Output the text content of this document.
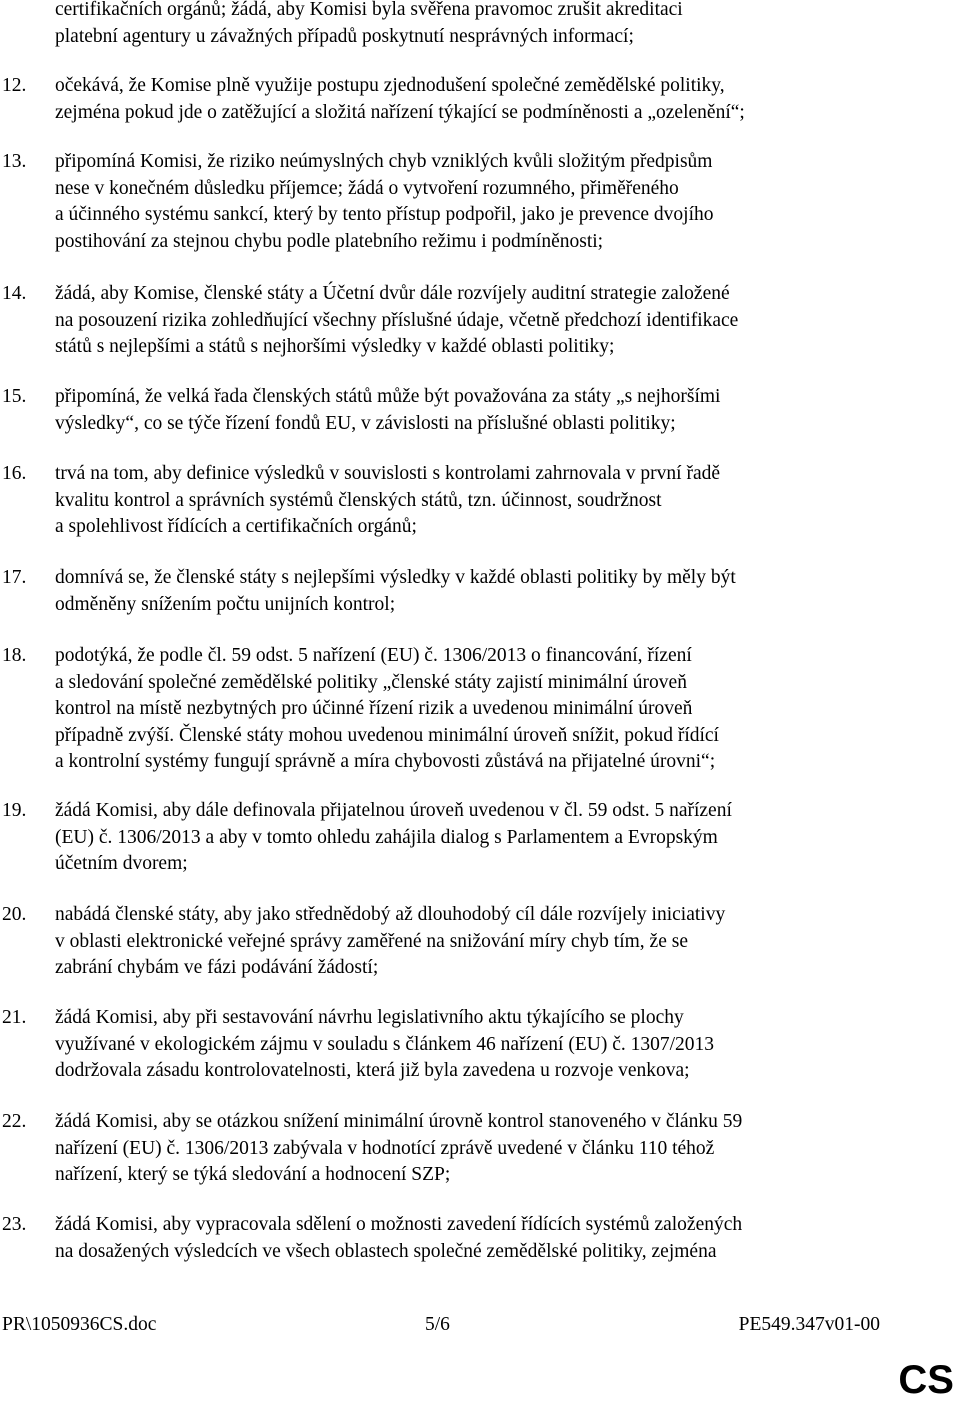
certifikačních orgánů; žádá, aby Komisi byla svěřena pravomoc zrušit akreditaci
platební agentury u závažných případů poskytnutí nesprávných informací;
12.	očekává, že Komise plně využije postupu zjednodušení společné zemědělské politiky,
zejména pokud jde o zatěžující a složitá nařízení týkající se podmíněnosti a „ozelenění“;
13.	připomíná Komisi, že riziko neúmyslných chyb vzniklých kvůli složitým předpisům
nese v konečném důsledku příjemce; žádá o vytvoření rozumného, přiměřeného
a účinného systému sankcí, který by tento přístup podpořil, jako je prevence dvojího
postihování za stejnou chybu podle platebního režimu i podmíněnosti;
14.	žádá, aby Komise, členské státy a Účetní dvůr dále rozvíjely auditní strategie založené
na posouzení rizika zohledňující všechny příslušné údaje, včetně předchozí identifikace
států s nejlepšími a států s nejhoršími výsledky v každé oblasti politiky;
15.	připomíná, že velká řada členských států může být považována za státy „s nejhoršími
výsledky“, co se týče řízení fondů EU, v závislosti na příslušné oblasti politiky;
16.	trvá na tom, aby definice výsledků v souvislosti s kontrolami zahrnovala v první řadě
kvalitu kontrol a správních systémů členských států, tzn. účinnost, soudržnost
a spolehlivost řídících a certifikačních orgánů;
17.	domnívá se, že členské státy s nejlepšími výsledky v každé oblasti politiky by měly být
odměněny snížením počtu unijních kontrol;
18.	podotýká, že podle čl. 59 odst. 5 nařízení (EU) č. 1306/2013 o financování, řízení
a sledování společné zemědělské politiky „členské státy zajistí minimální úroveň
kontrol na místě nezbytných pro účinné řízení rizik a uvedenou minimální úroveň
případně zvýší. Členské státy mohou uvedenou minimální úroveň snížit, pokud řídící
a kontrolní systémy fungují správně a míra chybovosti zůstává na přijatelné úrovni“;
19.	žádá Komisi, aby dále definovala přijatelnou úroveň uvedenou v čl. 59 odst. 5 nařízení
(EU) č. 1306/2013 a aby v tomto ohledu zahájila dialog s Parlamentem a Evropským
účetním dvorem;
20.	nabádá členské státy, aby jako střednědobý až dlouhodobý cíl dále rozvíjely iniciativy
v oblasti elektronické veřejné správy zaměřené na snižování míry chyb tím, že se
zabrání chybám ve fázi podávání žádostí;
21.	žádá Komisi, aby při sestavování návrhu legislativního aktu týkajícího se plochy
využívané v ekologickém zájmu v souladu s článkem 46 nařízení (EU) č. 1307/2013
dodržovala zásadu kontrolovatelnosti, která již byla zavedena u rozvoje venkova;
22.	žádá Komisi, aby se otázkou snížení minimální úrovně kontrol stanoveného v článku 59
nařízení (EU) č. 1306/2013 zabývala v hodnotící zprávě uvedené v článku 110 téhož
nařízení, který se týká sledování a hodnocení SZP;
23.	žádá Komisi, aby vypracovala sdělení o možnosti zavedení řídících systémů založených
na dosažených výsledcích ve všech oblastech společné zemědělské politiky, zejména
PR\1050936CS.doc	5/6	PE549.347v01-00
CS
